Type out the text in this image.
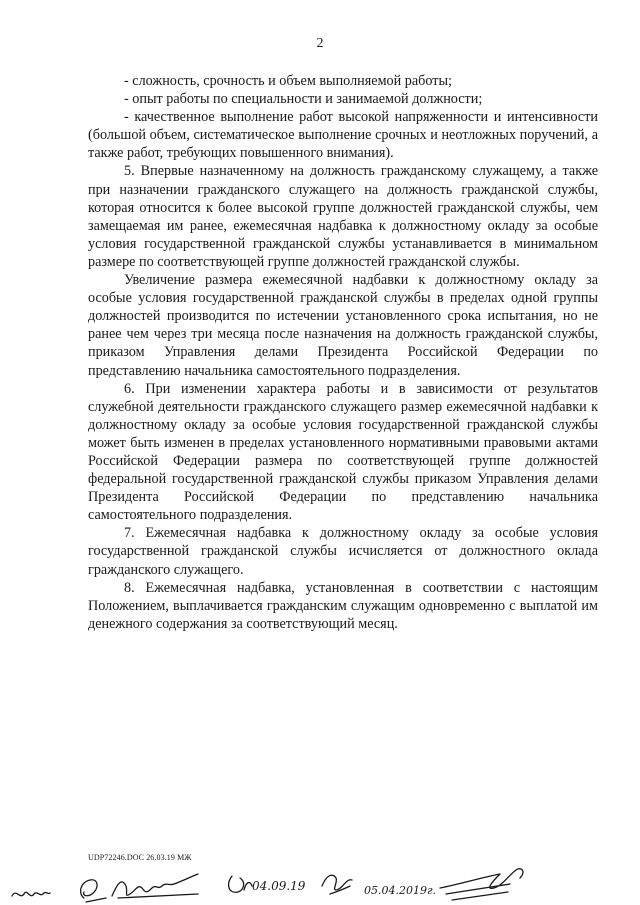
2

- сложность, срочность и объем выполняемой работы;

- опыт работы по специальности и занимаемой должности;

- качественное выполнение работ высокой напряженности и интенсивности (большой объем, систематическое выполнение срочных и неотложных поручений, а также работ, требующих повышенного внимания).

5. Впервые назначенному на должность гражданскому служащему, а также при назначении гражданского служащего на должность гражданской службы, которая относится к более высокой группе должностей гражданской службы, чем замещаемая им ранее, ежемесячная надбавка к должностному окладу за особые условия государственной гражданской службы устанавливается в минимальном размере по соответствующей группе должностей гражданской службы.

Увеличение размера ежемесячной надбавки к должностному окладу за особые условия государственной гражданской службы в пределах одной группы должностей производится по истечении установленного срока испытания, но не ранее чем через три месяца после назначения на должность гражданской службы, приказом Управления делами Президента Российской Федерации по представлению начальника самостоятельного подразделения.

6. При изменении характера работы и в зависимости от результатов служебной деятельности гражданского служащего размер ежемесячной надбавки к должностному окладу за особые условия государственной гражданской службы может быть изменен в пределах установленного нормативными правовыми актами Российской Федерации размера по соответствующей группе должностей федеральной государственной гражданской службы приказом Управления делами Президента Российской Федерации по представлению начальника самостоятельного подразделения.

7. Ежемесячная надбавка к должностному окладу за особые условия государственной гражданской службы исчисляется от должностного оклада гражданского служащего.

8. Ежемесячная надбавка, установленная в соответствии с настоящим Положением, выплачивается гражданским служащим одновременно с выплатой им денежного содержания за соответствующий месяц.

UDP72246.DOC 26.03.19 МЖ
04.09.19	05.04.2019г.
